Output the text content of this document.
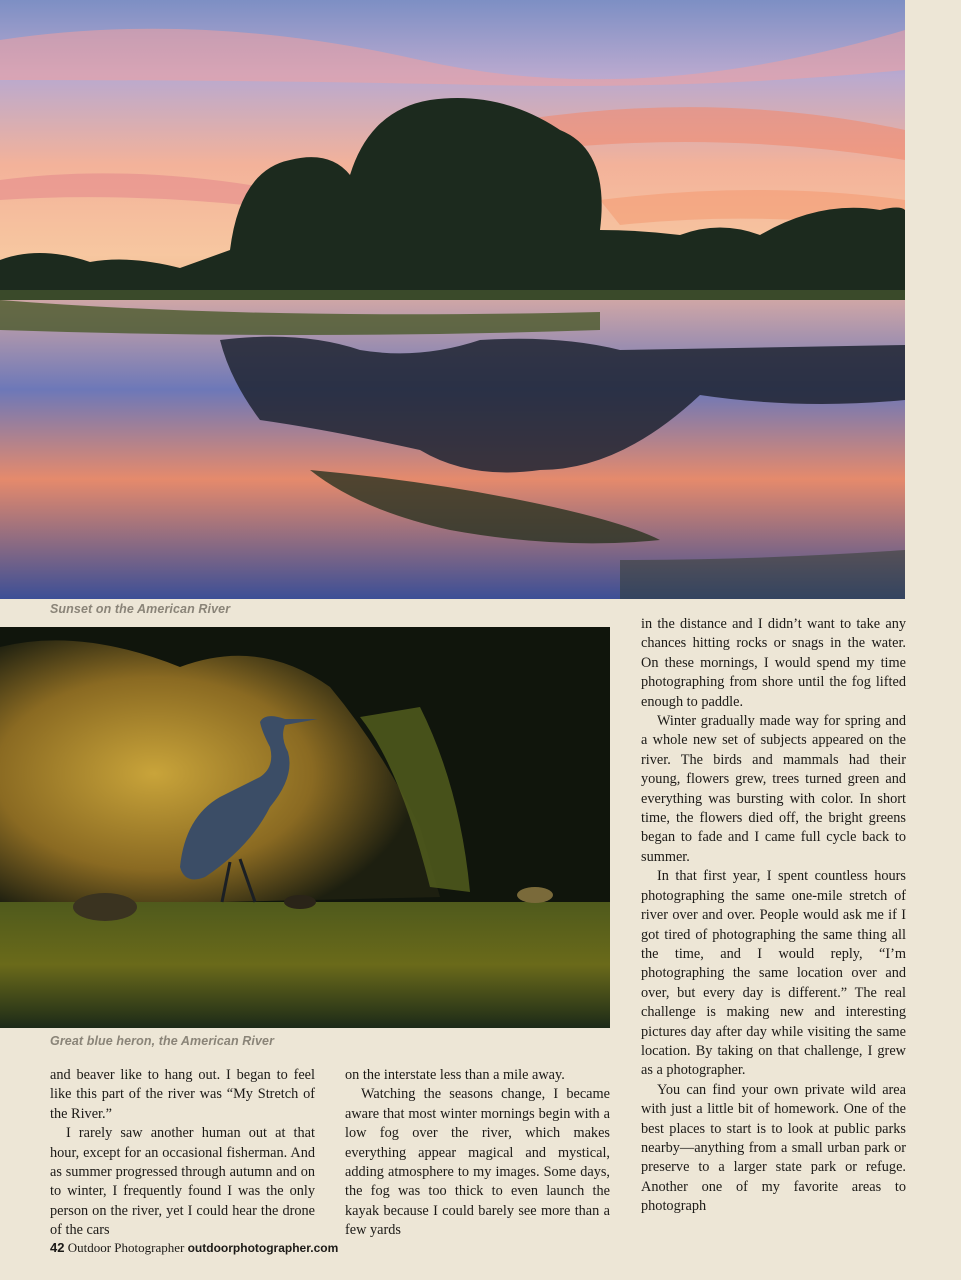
Sunset on the American River
Great blue heron, the American River

and beaver like to hang out. I began to feel like this part of the river was “My Stretch of the River.”

I rarely saw another human out at that hour, except for an occasional fisherman. And as summer progressed through autumn and on to winter, I frequently found I was the only person on the river, yet I could hear the drone of the cars

on the interstate less than a mile away.

Watching the seasons change, I became aware that most winter mornings begin with a low fog over the river, which makes everything appear magical and mystical, adding atmosphere to my images. Some days, the fog was too thick to even launch the kayak because I could barely see more than a few yards

in the distance and I didn’t want to take any chances hitting rocks or snags in the water. On these mornings, I would spend my time photographing from shore until the fog lifted enough to paddle.

Winter gradually made way for spring and a whole new set of subjects appeared on the river. The birds and mammals had their young, flowers grew, trees turned green and everything was bursting with color. In short time, the flowers died off, the bright greens began to fade and I came full cycle back to summer.

In that first year, I spent countless hours photographing the same one-mile stretch of river over and over. People would ask me if I got tired of photographing the same thing all the time, and I would reply, “I’m photographing the same location over and over, but every day is different.” The real challenge is making new and interesting pictures day after day while visiting the same location. By taking on that challenge, I grew as a photographer.

You can find your own private wild area with just a little bit of homework. One of the best places to start is to look at public parks nearby—anything from a small urban park or preserve to a larger state park or refuge. Another one of my favorite areas to photograph

42 Outdoor Photographer outdoorphotographer.com
